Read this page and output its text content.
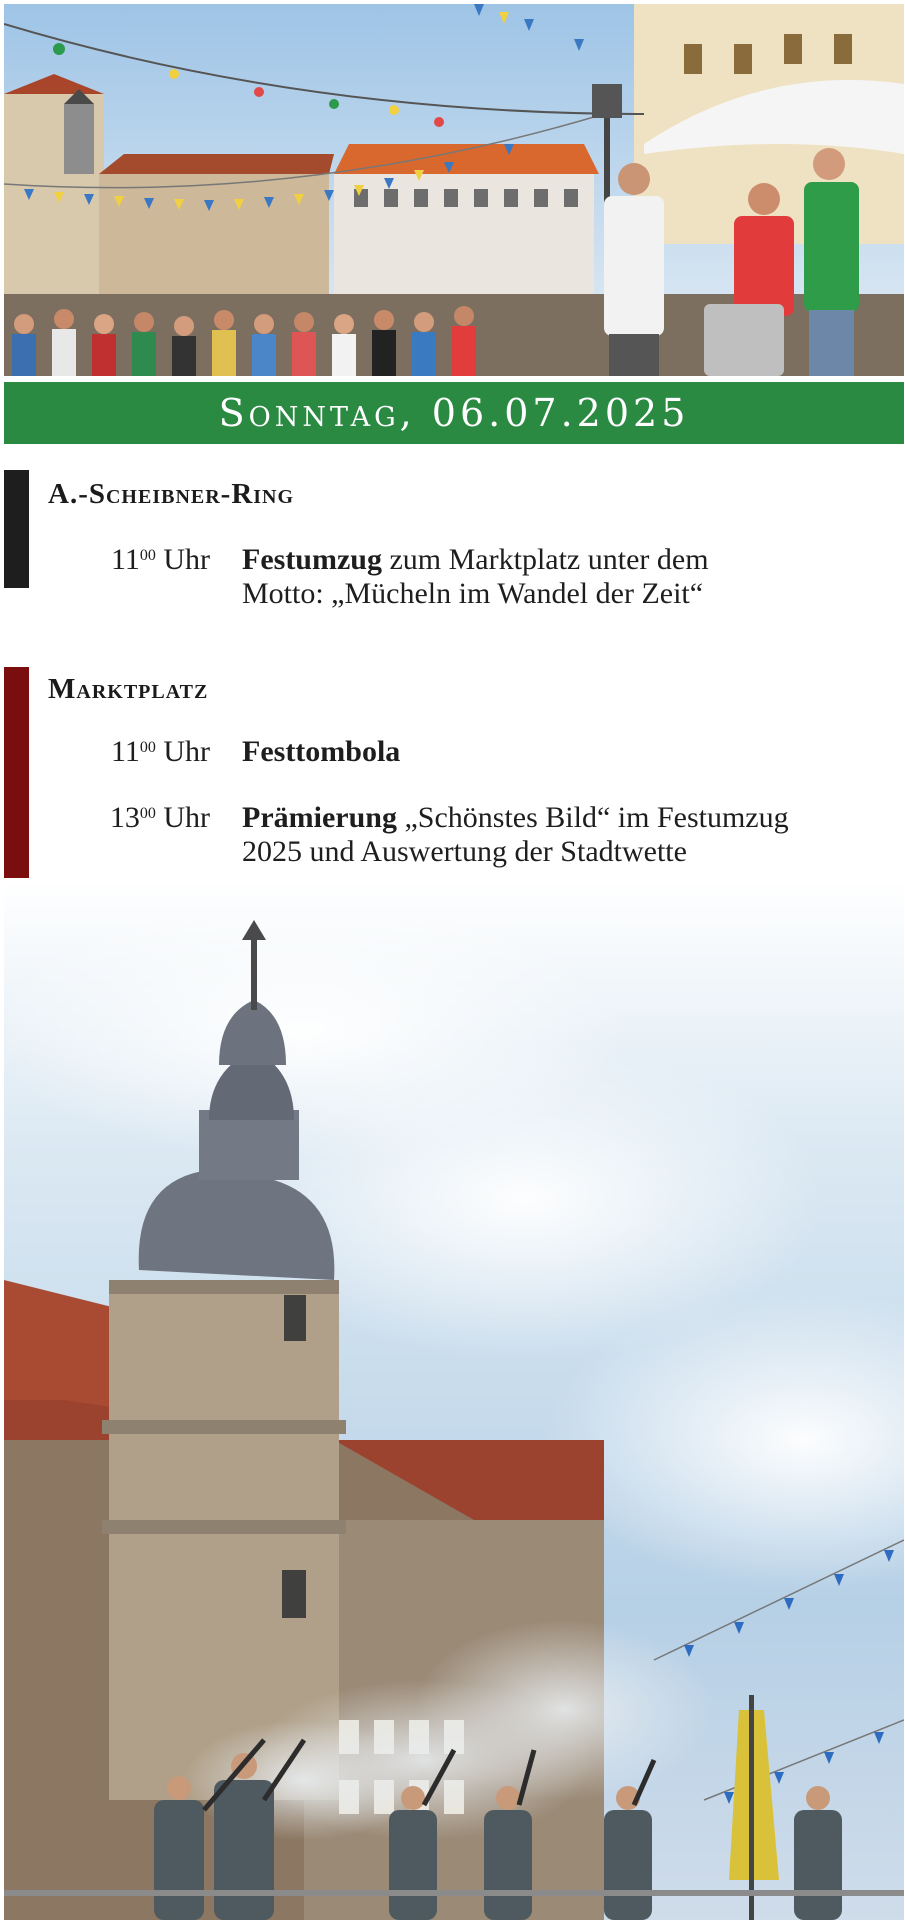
Sonntag, 06.07.2025
A.-Scheibner-Ring
$11^{00}$ Uhr Festumzug zum Marktplatz unter dem
Motto: „Mücheln im Wandel der Zeit“
Marktplatz
$11^{00}$ Uhr Festtombola
$13^{00}$ Uhr Prämierung „Schönstes Bild“ im Festumzug
2025 und Auswertung der Stadtwette
